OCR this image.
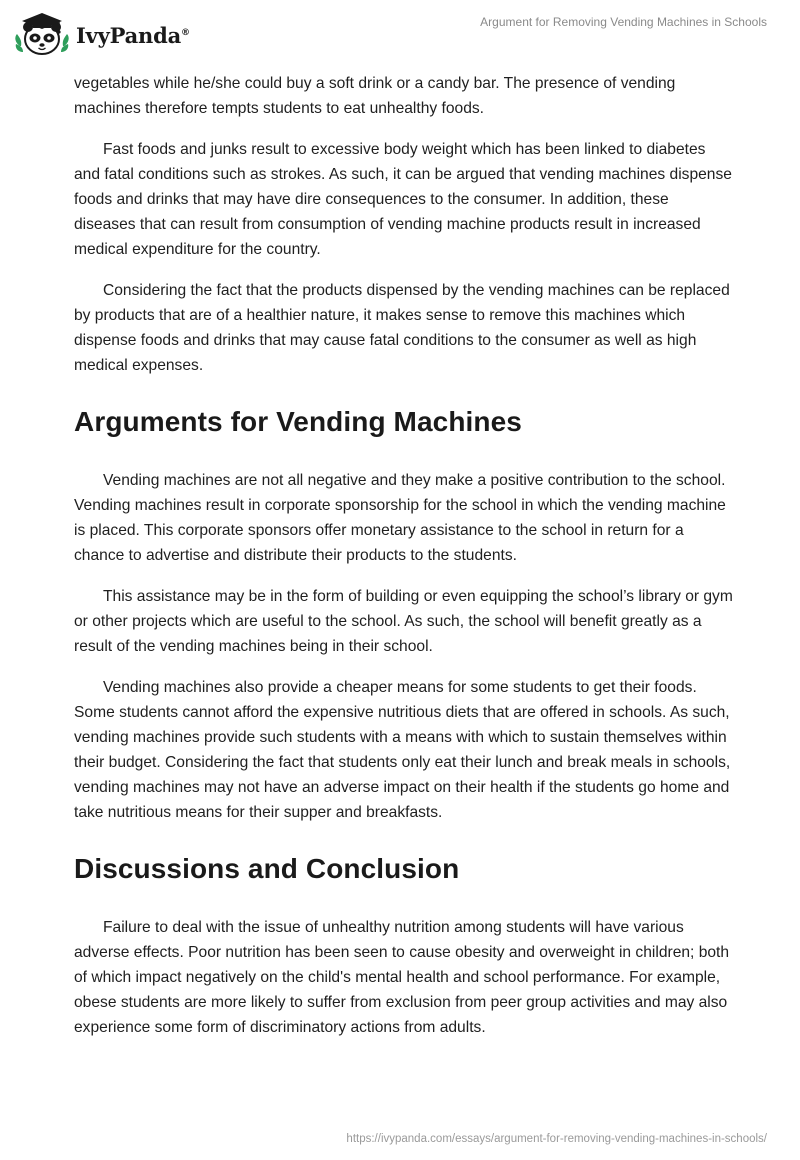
IvyPanda®
Argument for Removing Vending Machines in Schools

vegetables while he/she could buy a soft drink or a candy bar. The presence of vending machines therefore tempts students to eat unhealthy foods.

Fast foods and junks result to excessive body weight which has been linked to diabetes and fatal conditions such as strokes. As such, it can be argued that vending machines dispense foods and drinks that may have dire consequences to the consumer. In addition, these diseases that can result from consumption of vending machine products result in increased medical expenditure for the country.

Considering the fact that the products dispensed by the vending machines can be replaced by products that are of a healthier nature, it makes sense to remove this machines which dispense foods and drinks that may cause fatal conditions to the consumer as well as high medical expenses.

Arguments for Vending Machines

Vending machines are not all negative and they make a positive contribution to the school. Vending machines result in corporate sponsorship for the school in which the vending machine is placed. This corporate sponsors offer monetary assistance to the school in return for a chance to advertise and distribute their products to the students.

This assistance may be in the form of building or even equipping the school’s library or gym or other projects which are useful to the school. As such, the school will benefit greatly as a result of the vending machines being in their school.

Vending machines also provide a cheaper means for some students to get their foods. Some students cannot afford the expensive nutritious diets that are offered in schools. As such, vending machines provide such students with a means with which to sustain themselves within their budget. Considering the fact that students only eat their lunch and break meals in schools, vending machines may not have an adverse impact on their health if the students go home and take nutritious means for their supper and breakfasts.

Discussions and Conclusion

Failure to deal with the issue of unhealthy nutrition among students will have various adverse effects. Poor nutrition has been seen to cause obesity and overweight in children; both of which impact negatively on the child's mental health and school performance. For example, obese students are more likely to suffer from exclusion from peer group activities and may also experience some form of discriminatory actions from adults.

https://ivypanda.com/essays/argument-for-removing-vending-machines-in-schools/
